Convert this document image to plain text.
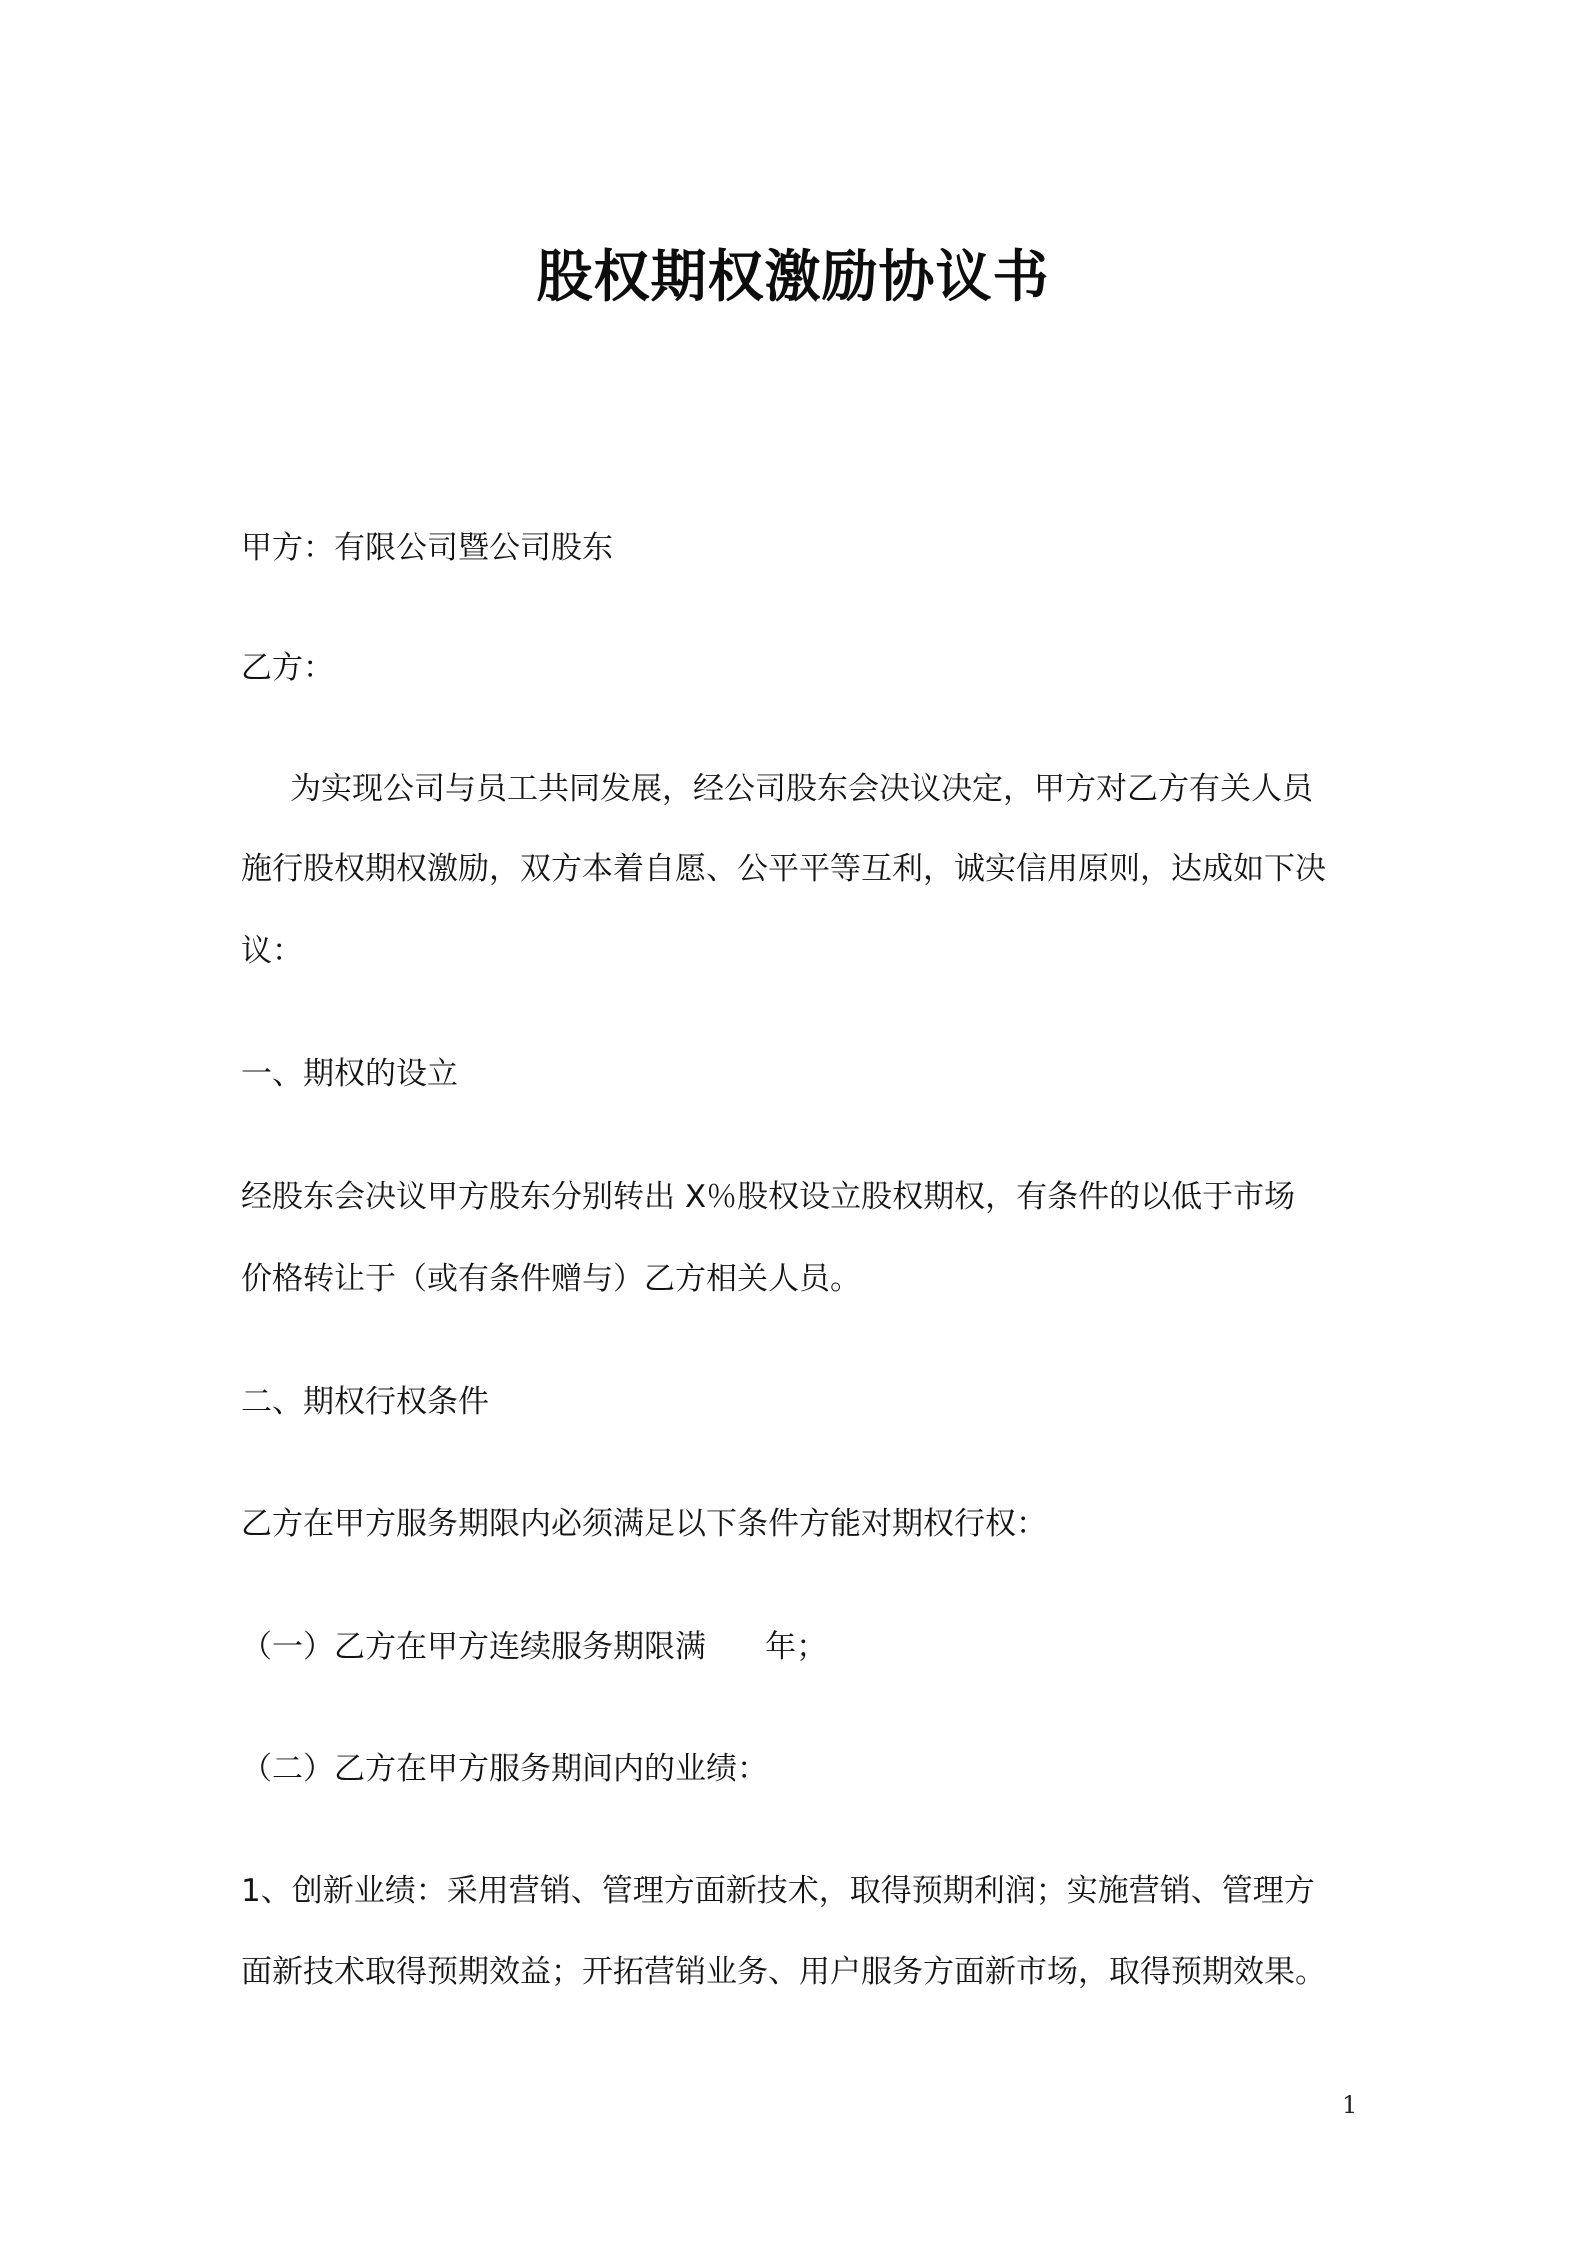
股权期权激励协议书
甲方：有限公司暨公司股东
乙方：
为实现公司与员工共同发展，经公司股东会决议决定，甲方对乙方有关人员
施行股权期权激励，双方本着自愿、公平平等互利，诚实信用原则，达成如下决
议：
一、期权的设立
经股东会决议甲方股东分别转出 X％股权设立股权期权，有条件的以低于市场
价格转让于（或有条件赠与）乙方相关人员。
二、期权行权条件
乙方在甲方服务期限内必须满足以下条件方能对期权行权：
（一）乙方在甲方连续服务期限满      年；
（二）乙方在甲方服务期间内的业绩：
1、创新业绩：采用营销、管理方面新技术，取得预期利润；实施营销、管理方
面新技术取得预期效益；开拓营销业务、用户服务方面新市场，取得预期效果。
1
